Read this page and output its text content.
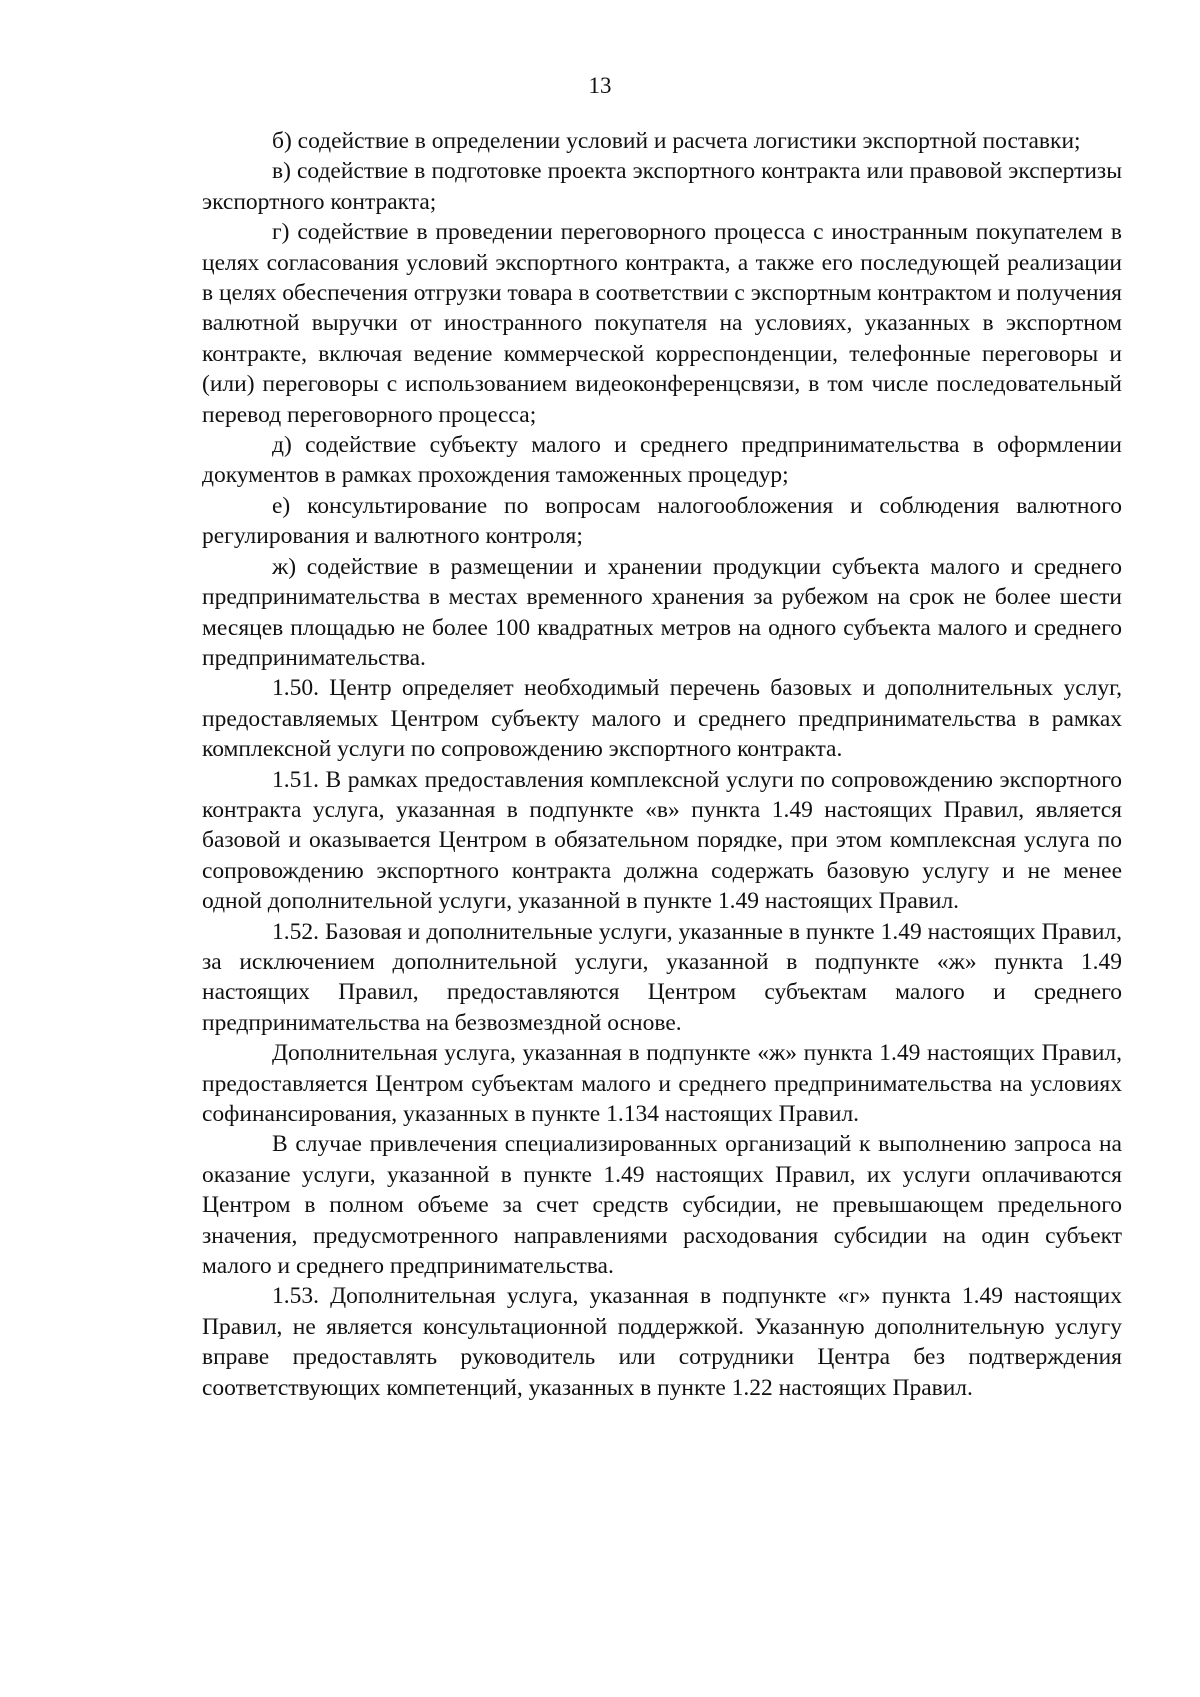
13

б) содействие в определении условий и расчета логистики экспортной поставки;

в) содействие в подготовке проекта экспортного контракта или правовой экспертизы экспортного контракта;

г) содействие в проведении переговорного процесса с иностранным покупателем в целях согласования условий экспортного контракта, а также его последующей реализации в целях обеспечения отгрузки товара в соответствии с экспортным контрактом и получения валютной выручки от иностранного покупателя на условиях, указанных в экспортном контракте, включая ведение коммерческой корреспонденции, телефонные переговоры и (или) переговоры с использованием видеоконференцсвязи, в том числе последовательный перевод переговорного процесса;

д) содействие субъекту малого и среднего предпринимательства в оформлении документов в рамках прохождения таможенных процедур;

е) консультирование по вопросам налогообложения и соблюдения валютного регулирования и валютного контроля;

ж) содействие в размещении и хранении продукции субъекта малого и среднего предпринимательства в местах временного хранения за рубежом на срок не более шести месяцев площадью не более 100 квадратных метров на одного субъекта малого и среднего предпринимательства.

1.50. Центр определяет необходимый перечень базовых и дополнительных услуг, предоставляемых Центром субъекту малого и среднего предпринимательства в рамках комплексной услуги по сопровождению экспортного контракта.

1.51. В рамках предоставления комплексной услуги по сопровождению экспортного контракта услуга, указанная в подпункте «в» пункта 1.49 настоящих Правил, является базовой и оказывается Центром в обязательном порядке, при этом комплексная услуга по сопровождению экспортного контракта должна содержать базовую услугу и не менее одной дополнительной услуги, указанной в пункте 1.49 настоящих Правил.

1.52. Базовая и дополнительные услуги, указанные в пункте 1.49 настоящих Правил, за исключением дополнительной услуги, указанной в подпункте «ж» пункта 1.49 настоящих Правил, предоставляются Центром субъектам малого и среднего предпринимательства на безвозмездной основе.

Дополнительная услуга, указанная в подпункте «ж» пункта 1.49 настоящих Правил, предоставляется Центром субъектам малого и среднего предпринимательства на условиях софинансирования, указанных в пункте 1.134 настоящих Правил.

В случае привлечения специализированных организаций к выполнению запроса на оказание услуги, указанной в пункте 1.49 настоящих Правил, их услуги оплачиваются Центром в полном объеме за счет средств субсидии, не превышающем предельного значения, предусмотренного направлениями расходования субсидии на один субъект малого и среднего предпринимательства.

1.53. Дополнительная услуга, указанная в подпункте «г» пункта 1.49 настоящих Правил, не является консультационной поддержкой. Указанную дополнительную услугу вправе предоставлять руководитель или сотрудники Центра без подтверждения соответствующих компетенций, указанных в пункте 1.22 настоящих Правил.
